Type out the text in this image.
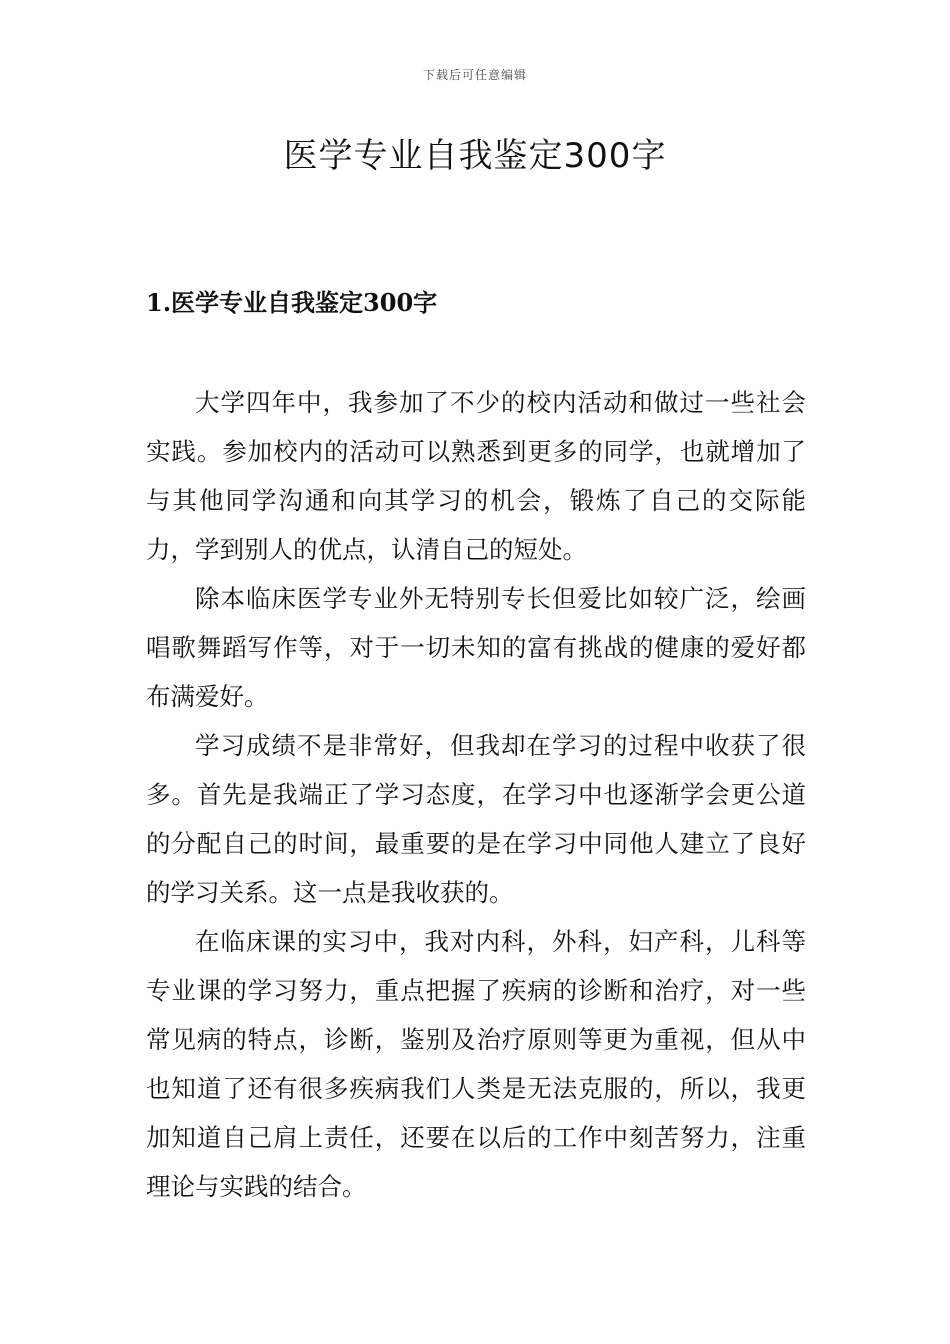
下载后可任意编辑
医学专业自我鉴定300字
1.医学专业自我鉴定300字

大学四年中，我参加了不少的校内活动和做过一些社会实践。参加校内的活动可以熟悉到更多的同学，也就增加了与其他同学沟通和向其学习的机会，锻炼了自己的交际能力，学到别人的优点，认清自己的短处。

除本临床医学专业外无特别专长但爱比如较广泛，绘画唱歌舞蹈写作等，对于一切未知的富有挑战的健康的爱好都布满爱好。

学习成绩不是非常好，但我却在学习的过程中收获了很多。首先是我端正了学习态度，在学习中也逐渐学会更公道的分配自己的时间，最重要的是在学习中同他人建立了良好的学习关系。这一点是我收获的。

在临床课的实习中，我对内科，外科，妇产科，儿科等专业课的学习努力，重点把握了疾病的诊断和治疗，对一些常见病的特点，诊断，鉴别及治疗原则等更为重视，但从中也知道了还有很多疾病我们人类是无法克服的，所以，我更加知道自己肩上责任，还要在以后的工作中刻苦努力，注重理论与实践的结合。
